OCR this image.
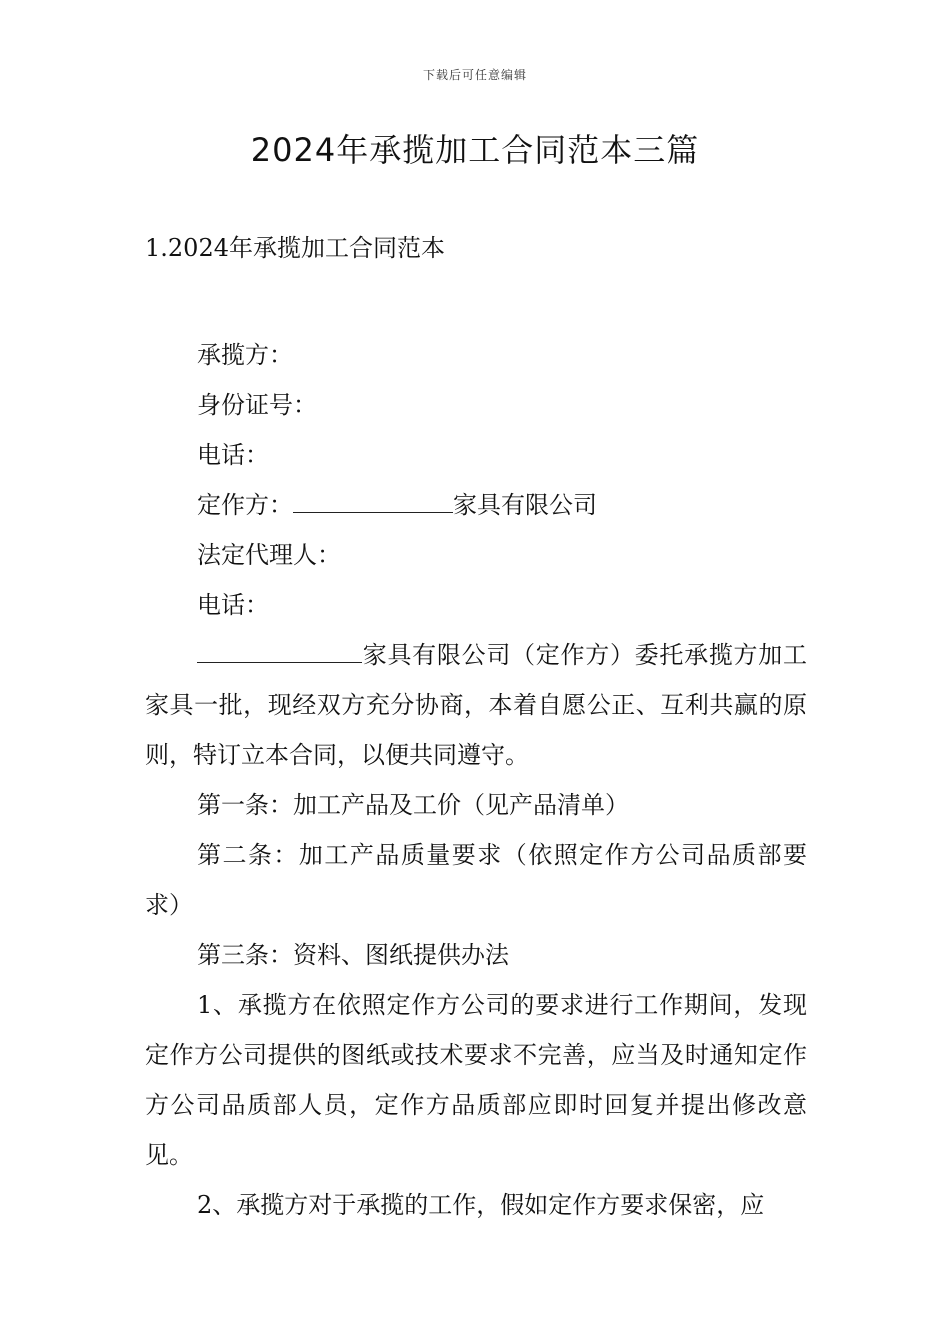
下载后可任意编辑
2024年承揽加工合同范本三篇
1.2024年承揽加工合同范本

承揽方：

身份证号：

电话：

定作方：	家具有限公司

法定代理人：

电话：

家具有限公司（定作方）委托承揽方加工家具一批，现经双方充分协商，本着自愿公正、互利共赢的原则，特订立本合同，以便共同遵守。

第一条：加工产品及工价（见产品清单）

第二条：加工产品质量要求（依照定作方公司品质部要求）

第三条：资料、图纸提供办法

1、承揽方在依照定作方公司的要求进行工作期间，发现定作方公司提供的图纸或技术要求不完善，应当及时通知定作方公司品质部人员，定作方品质部应即时回复并提出修改意见。

2、承揽方对于承揽的工作，假如定作方要求保密，应
